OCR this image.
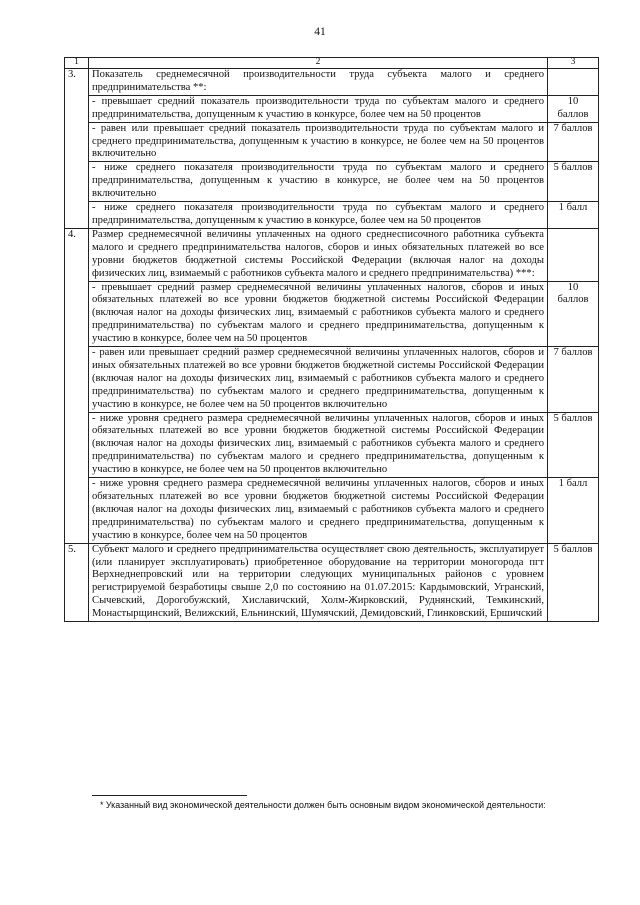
41
1	2	3
3.	Показатель среднемесячной производительности труда субъекта малого и среднего предпринимательства **:	
	- превышает средний показатель производительности труда по субъектам малого и среднего предпринимательства, допущенным к участию в конкурсе, более чем на 50 процентов	10 баллов
	- равен или превышает средний показатель производительности труда по субъектам малого и среднего предпринимательства, допущенным к участию в конкурсе, не более чем на 50 процентов включительно	7 баллов
	- ниже среднего показателя производительности труда по субъектам малого и среднего предпринимательства, допущенным к участию в конкурсе, не более чем на 50 процентов включительно	5 баллов
	- ниже среднего показателя производительности труда по субъектам малого и среднего предпринимательства, допущенным к участию в конкурсе, более чем на 50 процентов	1 балл
4.	Размер среднемесячной величины уплаченных на одного среднесписочного работника субъекта малого и среднего предпринимательства налогов, сборов и иных обязательных платежей во все уровни бюджетов бюджетной системы Российской Федерации (включая налог на доходы физических лиц, взимаемый с работников субъекта малого и среднего предпринимательства) ***:	
	- превышает средний размер среднемесячной величины уплаченных налогов, сборов и иных обязательных платежей во все уровни бюджетов бюджетной системы Российской Федерации (включая налог на доходы физических лиц, взимаемый с работников субъекта малого и среднего предпринимательства) по субъектам малого и среднего предпринимательства, допущенным к участию в конкурсе, более чем на 50 процентов	10 баллов
	- равен или превышает средний размер среднемесячной величины уплаченных налогов, сборов и иных обязательных платежей во все уровни бюджетов бюджетной системы Российской Федерации (включая налог на доходы физических лиц, взимаемый с работников субъекта малого и среднего предпринимательства) по субъектам малого и среднего предпринимательства, допущенным к участию в конкурсе, не более чем на 50 процентов включительно	7 баллов
	- ниже уровня среднего размера среднемесячной величины уплаченных налогов, сборов и иных обязательных платежей во все уровни бюджетов бюджетной системы Российской Федерации (включая налог на доходы физических лиц, взимаемый с работников субъекта малого и среднего предпринимательства) по субъектам малого и среднего предпринимательства, допущенным к участию в конкурсе, не более чем на 50 процентов включительно	5 баллов
	- ниже уровня среднего размера среднемесячной величины уплаченных налогов, сборов и иных обязательных платежей во все уровни бюджетов бюджетной системы Российской Федерации (включая налог на доходы физических лиц, взимаемый с работников субъекта малого и среднего предпринимательства) по субъектам малого и среднего предпринимательства, допущенным к участию в конкурсе, более чем на 50 процентов	1 балл
5.	Субъект малого и среднего предпринимательства осуществляет свою деятельность, эксплуатирует (или планирует эксплуатировать) приобретенное оборудование на территории моногорода пгт Верхнеднепровский или на территории следующих муниципальных районов с уровнем регистрируемой безработицы свыше 2,0 по состоянию на 01.07.2015: Кардымовский, Угранский, Сычевский, Дорогобужский, Хиславичский, Холм-Жирковский, Руднянский, Темкинский, Монастырщинский, Велижский, Ельнинский, Шумячский, Демидовский, Глинковский, Ершичский	5 баллов
* Указанный вид экономической деятельности должен быть основным видом экономической деятельности:
